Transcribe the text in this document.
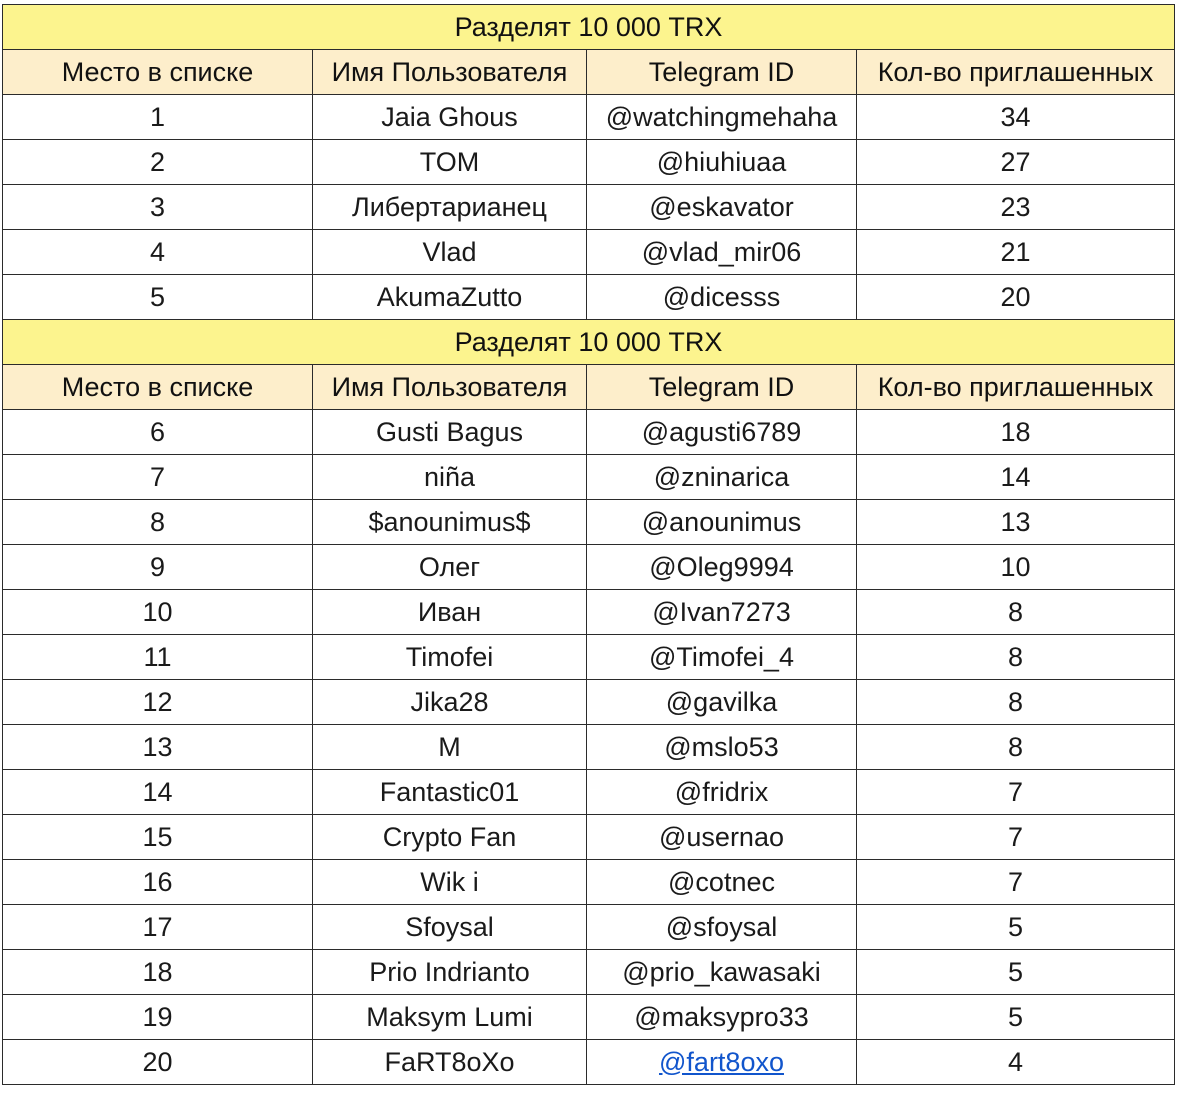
Разделят 10 000 TRX			
Место в списке	Имя Пользователя	Telegram ID	Кол-во приглашенных
1	Jaia Ghous	@watchingmehaha	34
2	TOM	@hiuhiuaa	27
3	Либертарианец	@eskavator	23
4	Vlad	@vlad_mir06	21
5	AkumaZutto	@dicesss	20
Разделят 10 000 TRX			
Место в списке	Имя Пользователя	Telegram ID	Кол-во приглашенных
6	Gusti Bagus	@agusti6789	18
7	niña	@zninarica	14
8	$anounimus$	@anounimus	13
9	Олег	@Oleg9994	10
10	Иван	@Ivan7273	8
11	Timofei	@Timofei_4	8
12	Jika28	@gavilka	8
13	M	@mslo53	8
14	Fantastic01	@fridrix	7
15	Crypto Fan	@usernao	7
16	Wik i	@cotnec	7
17	Sfoysal	@sfoysal	5
18	Prio Indrianto	@prio_kawasaki	5
19	Maksym Lumi	@maksypro33	5
20	FaRT8oXo	@fart8oxo	4
